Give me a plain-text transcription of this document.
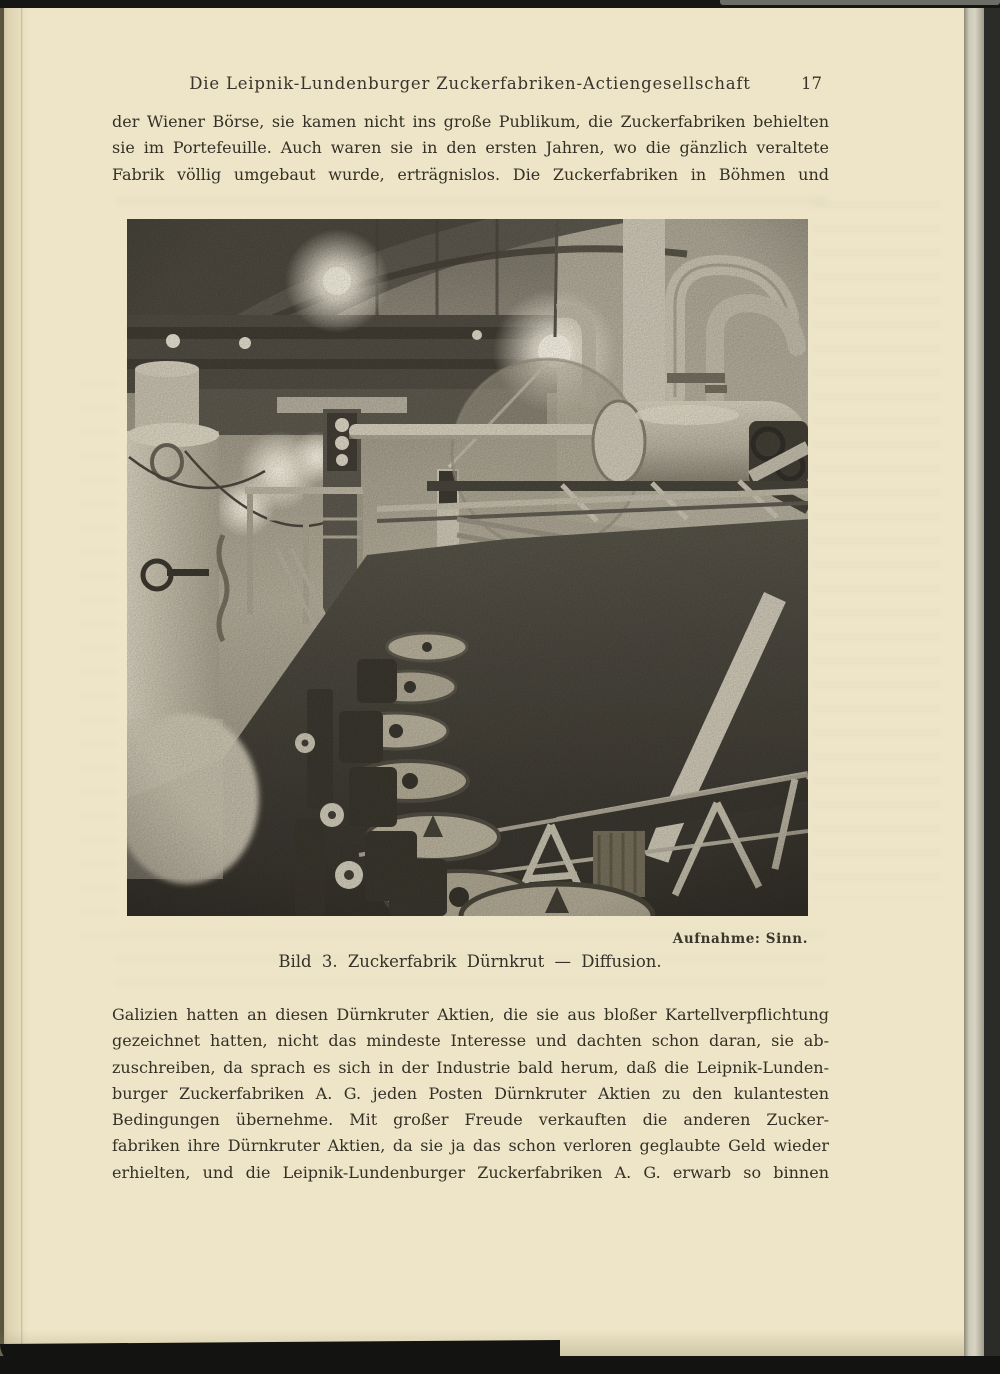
Die Leipnik-Lundenburger Zuckerfabriken-Actiengesellschaft	17
der Wiener Börse, sie kamen nicht ins große Publikum, die Zuckerfabriken behielten
sie im Portefeuille. Auch waren sie in den ersten Jahren, wo die gänzlich veraltete
Fabrik völlig umgebaut wurde, erträgnislos. Die Zuckerfabriken in Böhmen und
Aufnahme: Sinn.
Bild 3. Zuckerfabrik Dürnkrut — Diffusion.
Galizien hatten an diesen Dürnkruter Aktien, die sie aus bloßer Kartellverpflichtung
gezeichnet hatten, nicht das mindeste Interesse und dachten schon daran, sie ab-
zuschreiben, da sprach es sich in der Industrie bald herum, daß die Leipnik-Lunden-
burger Zuckerfabriken A. G. jeden Posten Dürnkruter Aktien zu den kulantesten
Bedingungen übernehme. Mit großer Freude verkauften die anderen Zucker-
fabriken ihre Dürnkruter Aktien, da sie ja das schon verloren geglaubte Geld wieder
erhielten, und die Leipnik-Lundenburger Zuckerfabriken A. G. erwarb so binnen
